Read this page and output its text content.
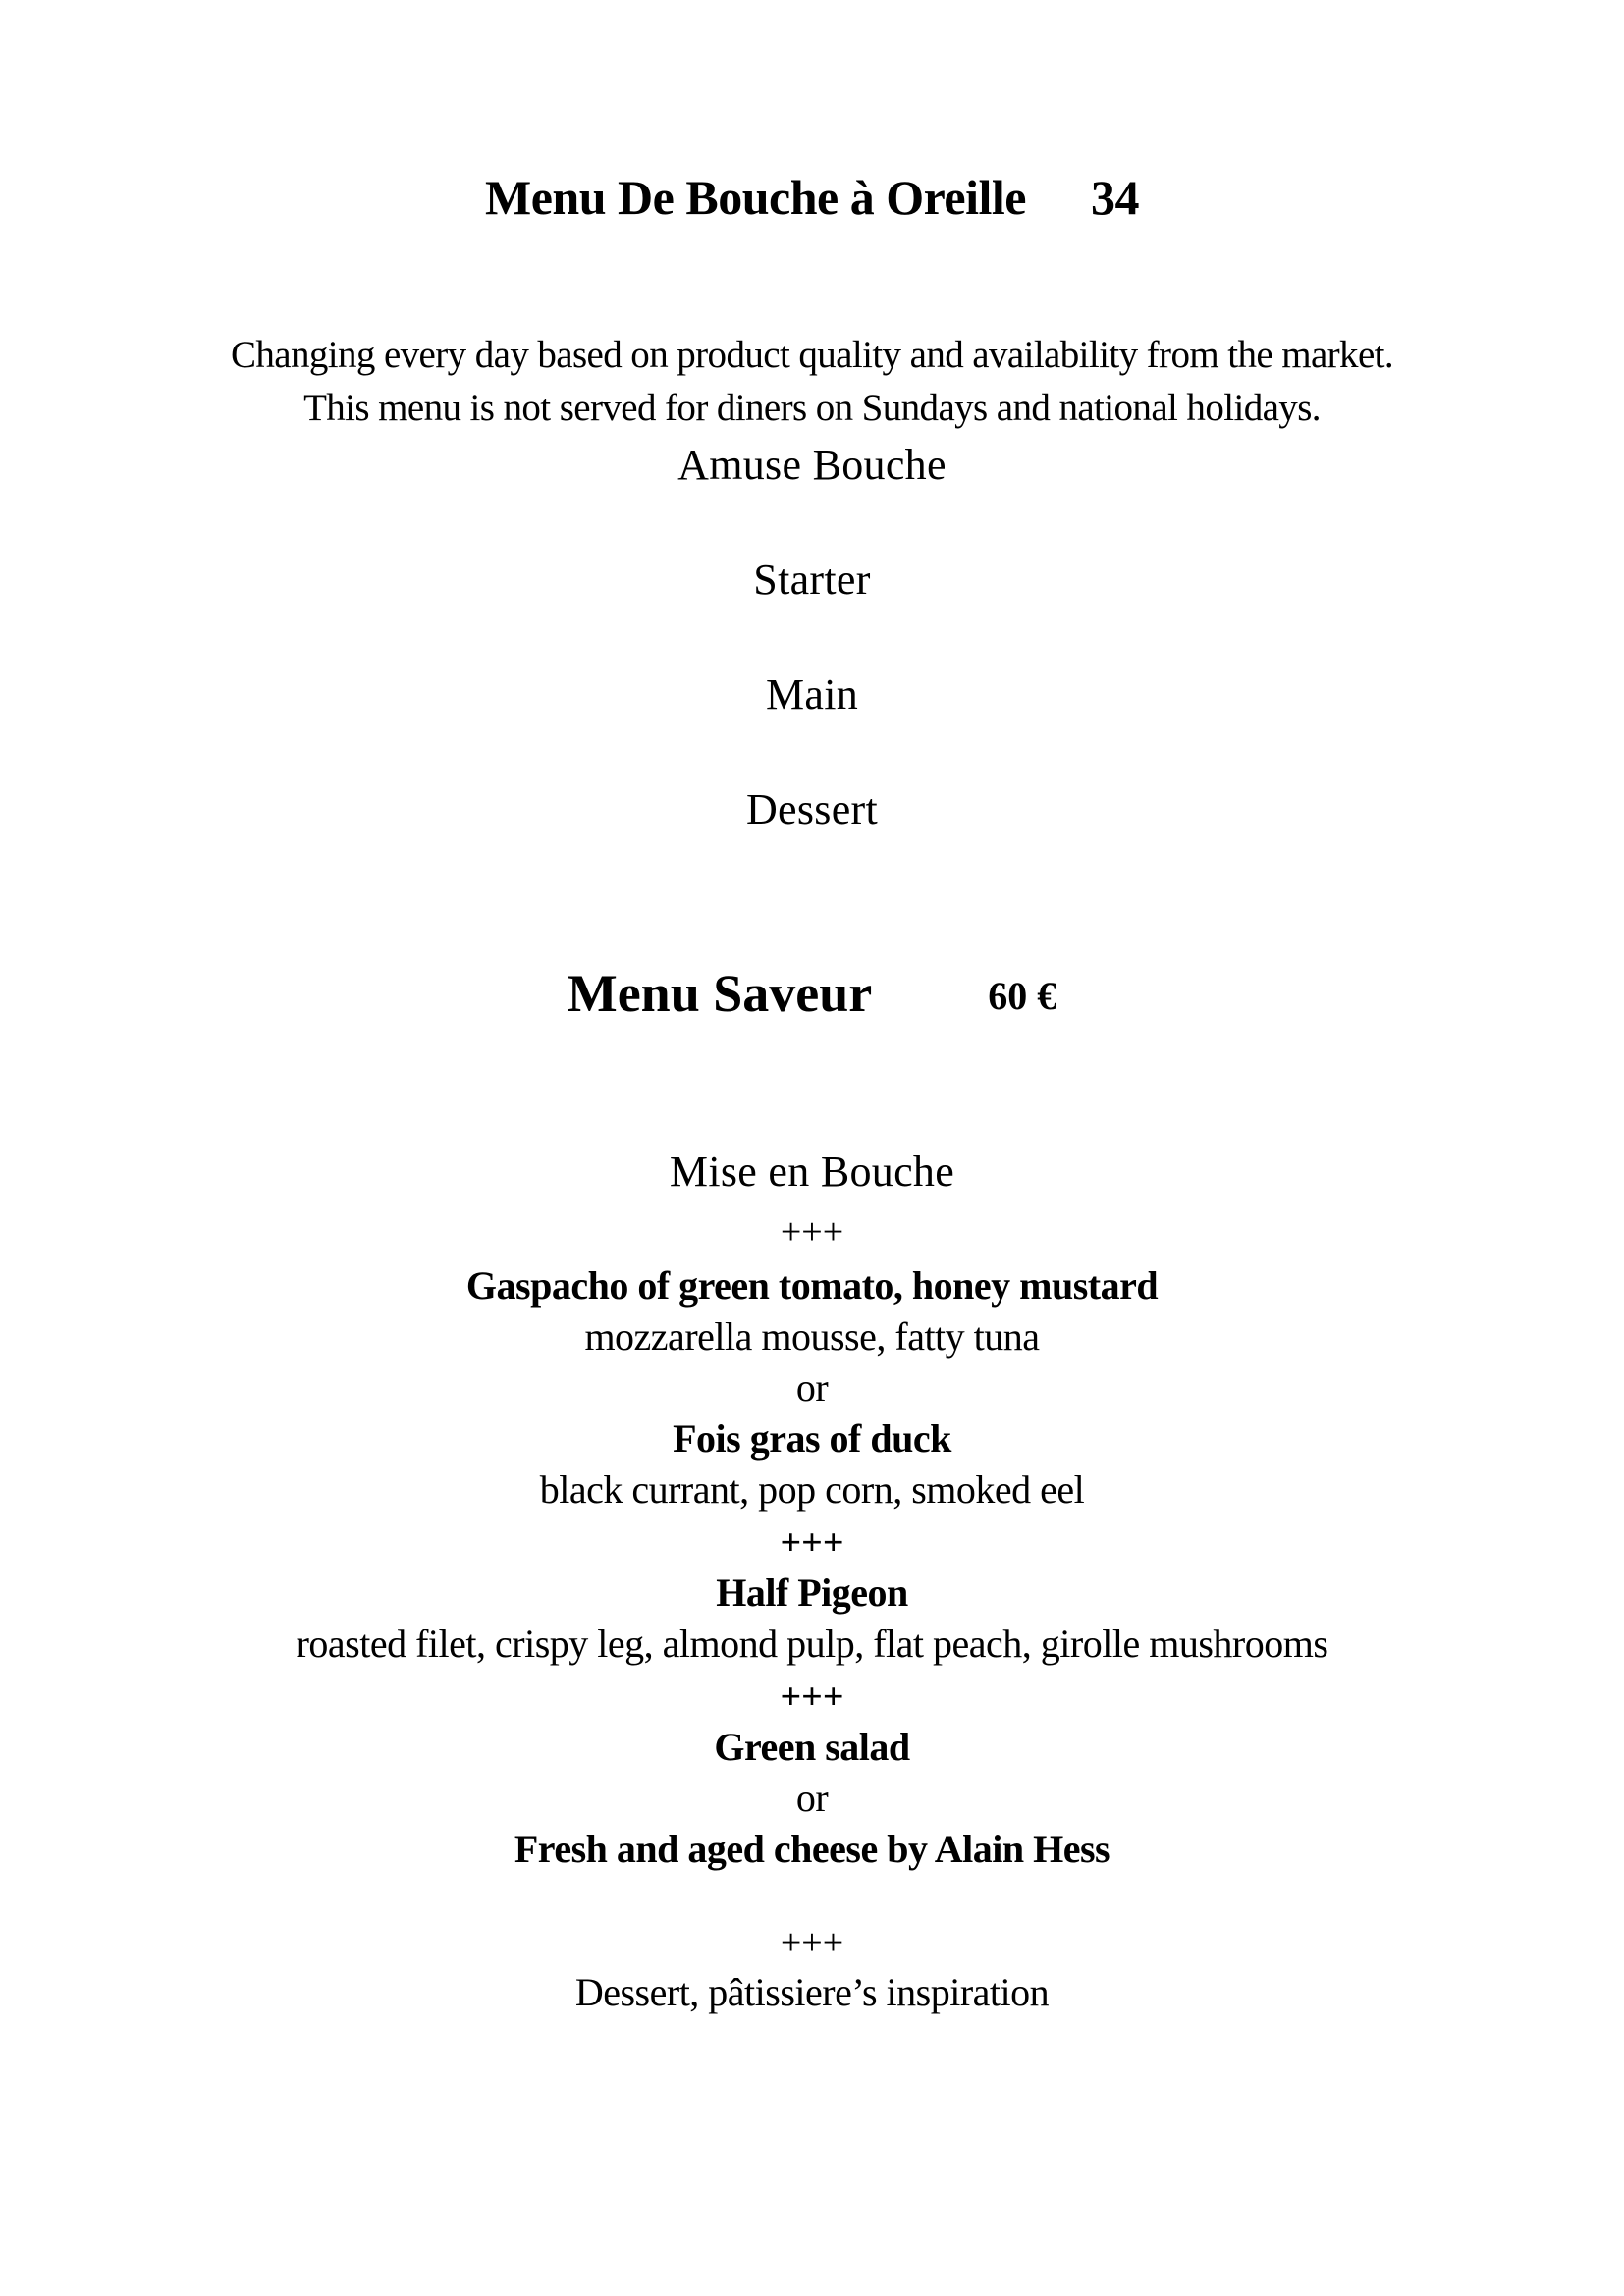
Menu De Bouche à Oreille 34
Changing every day based on product quality and availability from the market.
This menu is not served for diners on Sundays and national holidays.
Amuse Bouche
Starter
Main
Dessert
Menu Saveur	60 €
Mise en Bouche
+++
Gaspacho of green tomato, honey mustard
mozzarella mousse, fatty tuna
or
Fois gras of duck
black currant, pop corn, smoked eel
+++
Half Pigeon
roasted filet, crispy leg, almond pulp, flat peach, girolle mushrooms
+++
Green salad
or
Fresh and aged cheese by Alain Hess
+++
Dessert, pâtissiere’s inspiration
